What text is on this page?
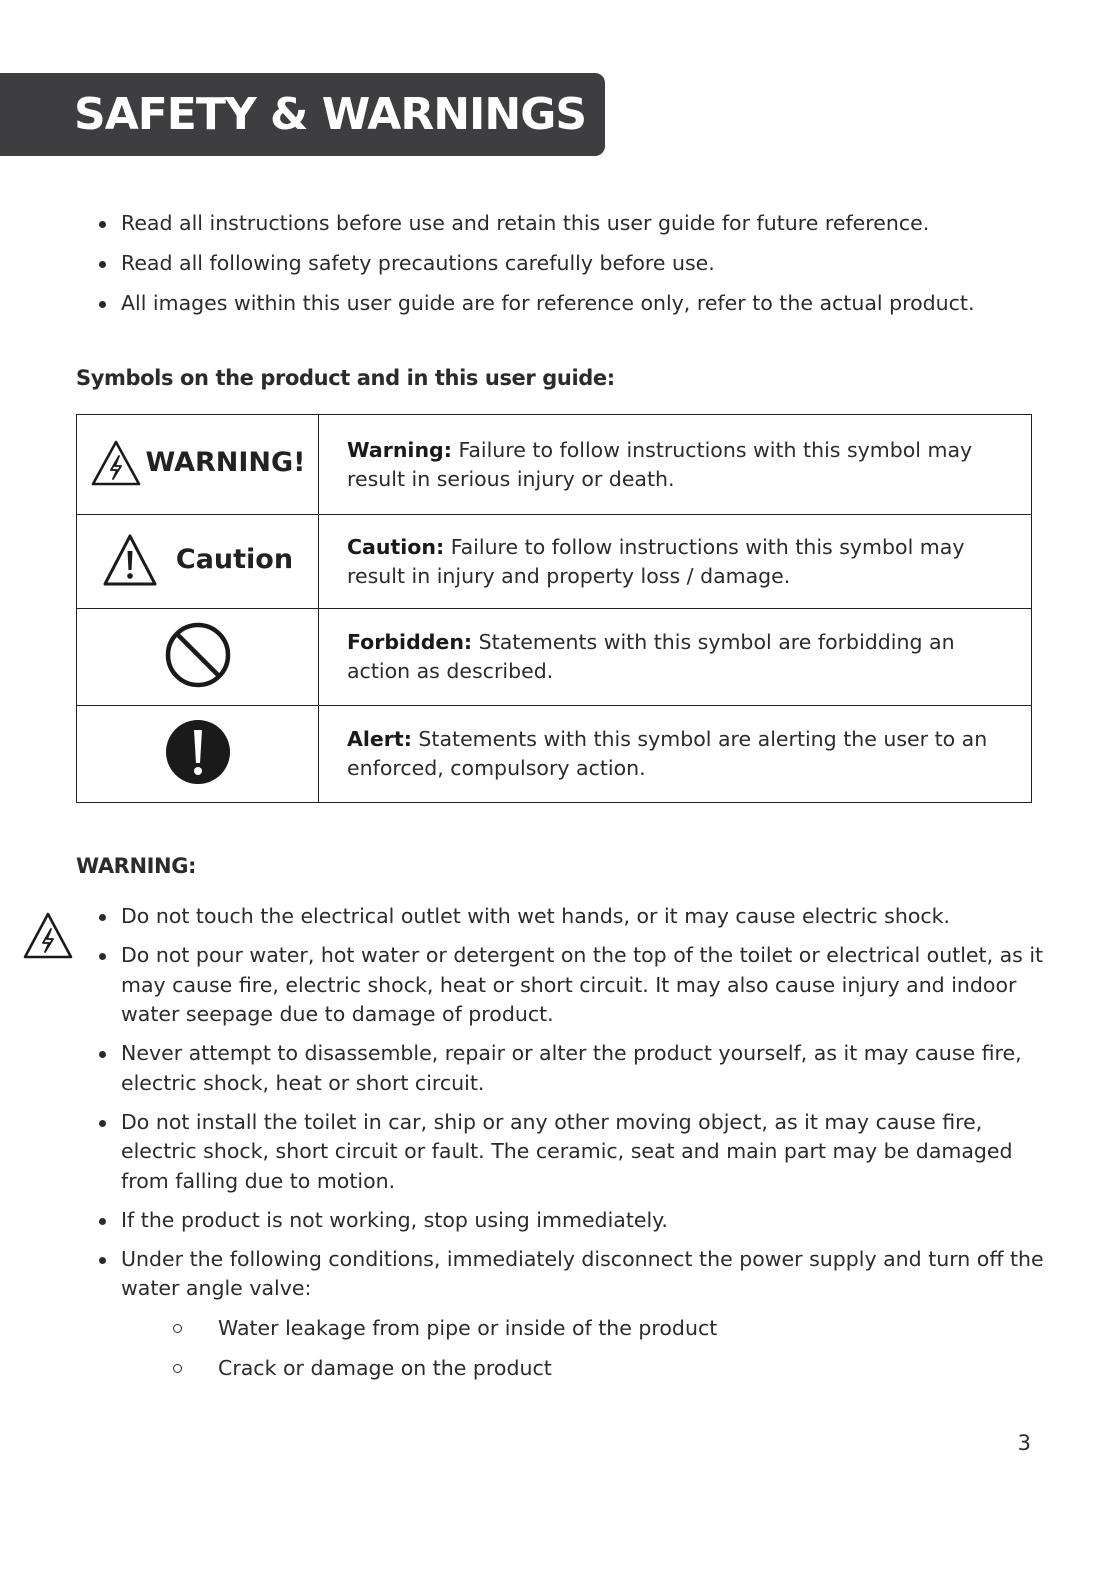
SAFETY & WARNINGS
Read all instructions before use and retain this user guide for future reference.
Read all following safety precautions carefully before use.
All images within this user guide are for reference only, refer to the actual product.
Symbols on the product and in this user guide:
WARNING!	Warning: Failure to follow instructions with this symbol may result in serious injury or death.

Caution	Caution: Failure to follow instructions with this symbol may result in injury and property loss / damage.
	Forbidden: Statements with this symbol are forbidding an action as described.
	Alert: Statements with this symbol are alerting the user to an enforced, compulsory action.
WARNING:
Do not touch the electrical outlet with wet hands, or it may cause electric shock.
Do not pour water, hot water or detergent on the top of the toilet or electrical outlet, as it may cause fire, electric shock, heat or short circuit. It may also cause injury and indoor water seepage due to damage of product.
Never attempt to disassemble, repair or alter the product yourself, as it may cause fire, electric shock, heat or short circuit.
Do not install the toilet in car, ship or any other moving object, as it may cause fire, electric shock, short circuit or fault. The ceramic, seat and main part may be damaged from falling due to motion.
If the product is not working, stop using immediately.
Under the following conditions, immediately disconnect the power supply and turn off the water angle valve:
Water leakage from pipe or inside of the product
Crack or damage on the product
3
